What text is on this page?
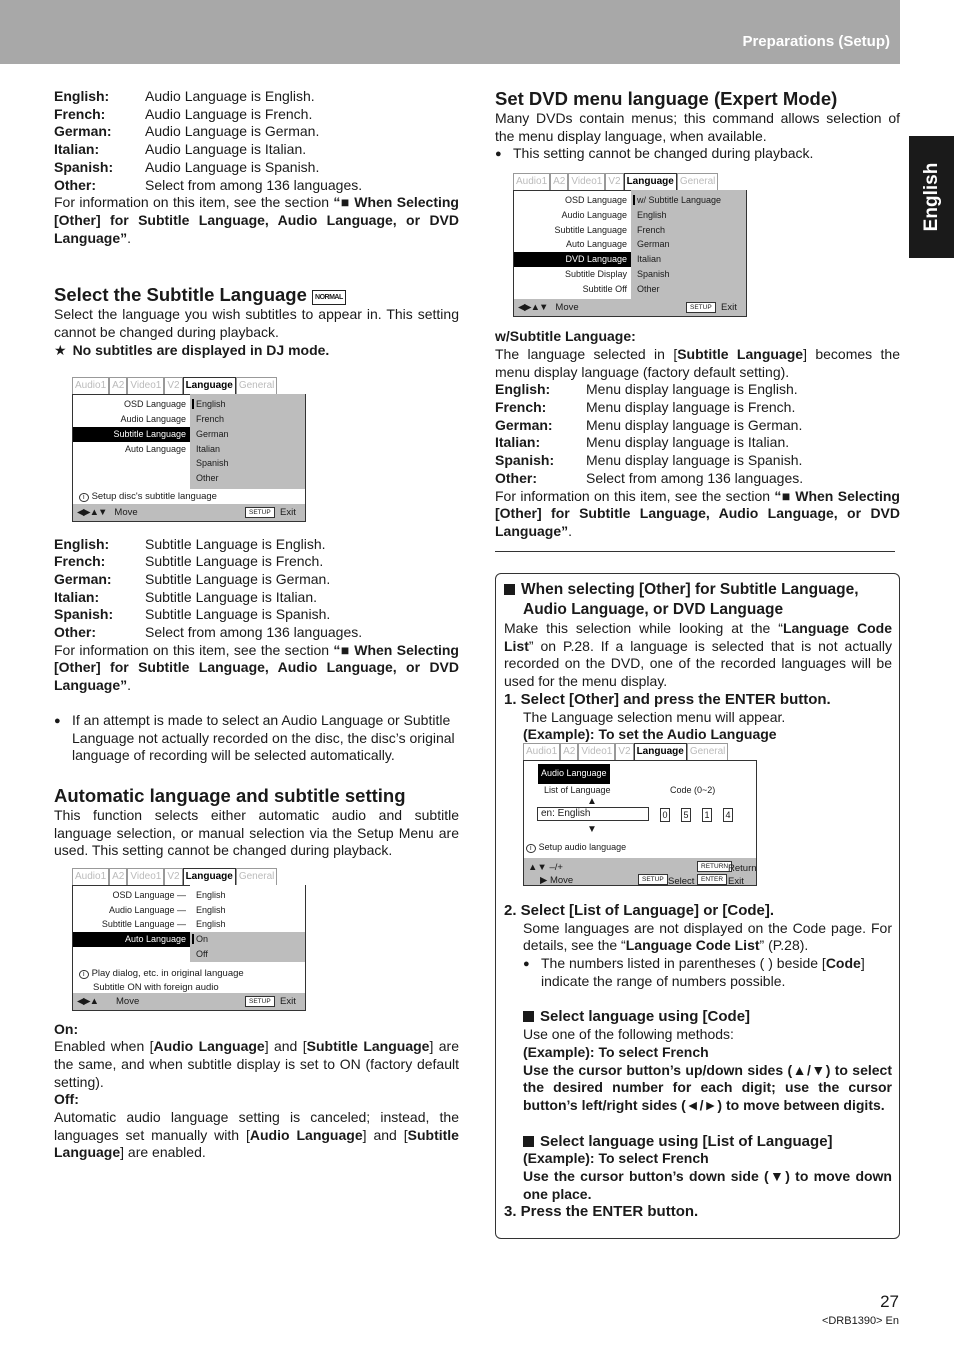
Preparations (Setup)
English
English:	Audio Language is English.
French:	Audio Language is French.
German:	Audio Language is German.
Italian:	Audio Language is Italian.
Spanish:	Audio Language is Spanish.
Other:	Select from among 136 languages.

For information on this item, see the section “■ When Selecting [Other] for Subtitle Language, Audio Language, or DVD Language”.

Select the Subtitle Language NORMAL

Select the language you wish subtitles to appear in. This setting cannot be changed during playback.

★ No subtitles are displayed in DJ mode.
Audio1 A2 Video1 V2 Language General
OSD Language
Audio Language
Subtitle Language
Auto Language
English
French
German
Italian
Spanish
Other
i Setup disc's subtitle language
◀▶▲▼ Move	SETUP Exit
English:	Subtitle Language is English.
French:	Subtitle Language is French.
German:	Subtitle Language is German.
Italian:	Subtitle Language is Italian.
Spanish:	Subtitle Language is Spanish.
Other:	Select from among 136 languages.

For information on this item, see the section “■ When Selecting [Other] for Subtitle Language, Audio Language, or DVD Language”.

● If an attempt is made to select an Audio Language or Subtitle Language not actually recorded on the disc, the disc’s original language of recording will be selected automatically.
Automatic language and subtitle setting

This function selects either automatic audio and subtitle language selection, or manual selection via the Setup Menu are used. This setting cannot be changed during playback.

Audio1 A2 Video1 V2 Language General
OSD Language —
Audio Language —
Subtitle Language —
Auto Language
English
English
English
On
Off
i Play dialog, etc. in original language
Subtitle ON with foreign audio
◀▶▲ Move	SETUP Exit
On:

Enabled when [Audio Language] and [Subtitle Language] are the same, and when subtitle display is set to ON (factory default setting).

Off:

Automatic audio language setting is canceled; instead, the languages set manually with [Audio Language] and [Subtitle Language] are enabled.

Set DVD menu language (Expert Mode)

Many DVDs contain menus; this command allows selection of the menu display language, when available.

● This setting cannot be changed during playback.
Audio1 A2 Video1 V2 Language General
OSD Language
Audio Language
Subtitle Language
Auto Language
DVD Language
Subtitle Display
Subtitle Off
w/ Subtitle Language
English
French
German
Italian
Spanish
Other
◀▶▲▼ Move	SETUP Exit
w/Subtitle Language:

The language selected in [Subtitle Language] becomes the menu display language (factory default setting).

English:	Menu display language is English.
French:	Menu display language is French.
German:	Menu display language is German.
Italian:	Menu display language is Italian.
Spanish:	Menu display language is Spanish.
Other:	Select from among 136 languages.

For information on this item, see the section “■ When Selecting [Other] for Subtitle Language, Audio Language, or DVD Language”.

When selecting [Other] for Subtitle Language,
Audio Language, or DVD Language

Make this selection while looking at the “Language Code List” on P.28. If a language is selected that is not actually recorded on the DVD, one of the recorded languages will be used for the menu display.

1. Select [Other] and press the ENTER button.
The Language selection menu will appear.
(Example): To set the Audio Language
Audio1 A2 Video1 V2 Language General
Audio Language
List of Language	Code (0~2)
▲
en: English	0 5 1 4
▼
i Setup audio language
▲▼ –/+
▶ Move	SETUP Select
RETURN Return
ENTER Exit
2. Select [List of Language] or [Code].

Some languages are not displayed on the Code page. For details, see the “Language Code List” (P.28).

● The numbers listed in parentheses ( ) beside [Code] indicate the range of numbers possible.
Select language using [Code]
Use one of the following methods:
(Example): To select French

Use the cursor button’s up/down sides (▲/▼) to select the desired number for each digit; use the cursor button’s left/right sides (◄/►) to move between digits.

Select language using [List of Language]
(Example): To select French

Use the cursor button’s down side (▼) to move down one place.

3. Press the ENTER button.
27
<DRB1390> En
